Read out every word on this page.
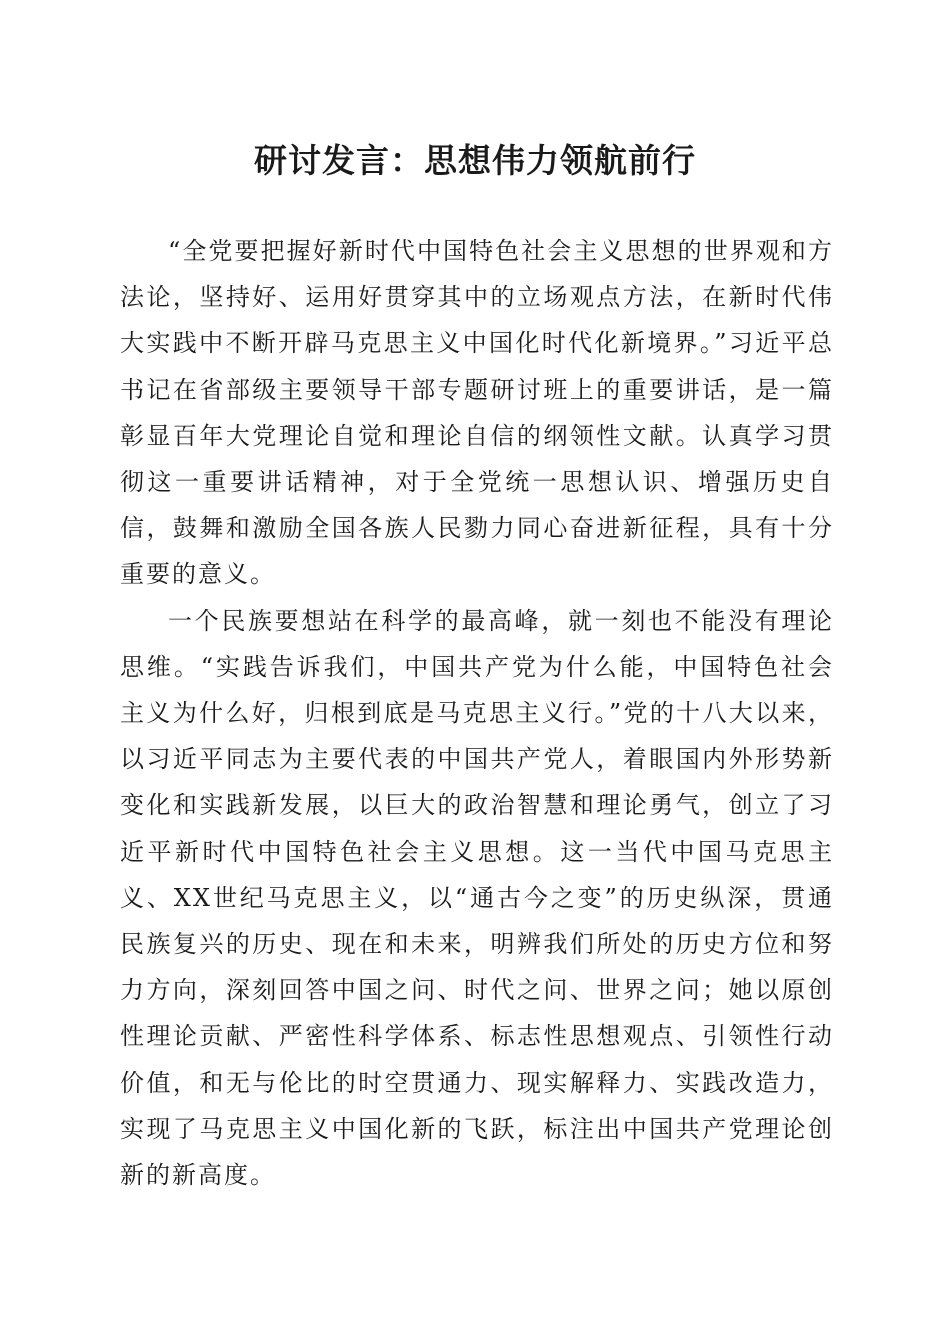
研讨发言：思想伟力领航前行

“全党要把握好新时代中国特色社会主义思想的世界观和方法论，坚持好、运用好贯穿其中的立场观点方法，在新时代伟大实践中不断开辟马克思主义中国化时代化新境界。”习近平总书记在省部级主要领导干部专题研讨班上的重要讲话，是一篇彰显百年大党理论自觉和理论自信的纲领性文献。认真学习贯彻这一重要讲话精神，对于全党统一思想认识、增强历史自信，鼓舞和激励全国各族人民勠力同心奋进新征程，具有十分重要的意义。

一个民族要想站在科学的最高峰，就一刻也不能没有理论思维。“实践告诉我们，中国共产党为什么能，中国特色社会主义为什么好，归根到底是马克思主义行。”党的十八大以来，以习近平同志为主要代表的中国共产党人，着眼国内外形势新变化和实践新发展，以巨大的政治智慧和理论勇气，创立了习近平新时代中国特色社会主义思想。这一当代中国马克思主义、XX世纪马克思主义，以“通古今之变”的历史纵深，贯通民族复兴的历史、现在和未来，明辨我们所处的历史方位和努力方向，深刻回答中国之问、时代之问、世界之问；她以原创性理论贡献、严密性科学体系、标志性思想观点、引领性行动价值，和无与伦比的时空贯通力、现实解释力、实践改造力，实现了马克思主义中国化新的飞跃，标注出中国共产党理论创新的新高度。
